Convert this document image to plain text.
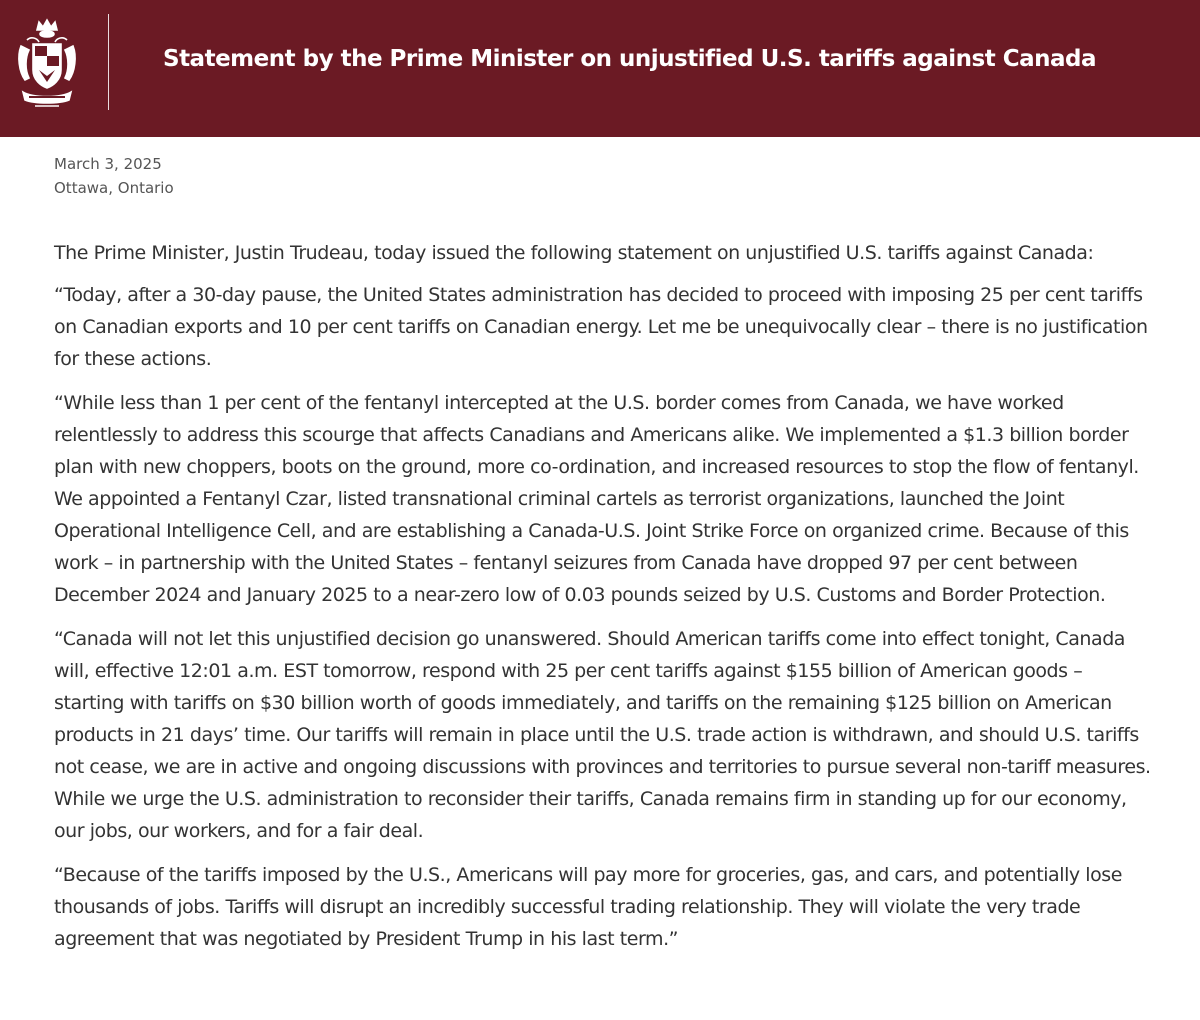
Statement by the Prime Minister on unjustified U.S. tariffs against Canada
March 3, 2025
Ottawa, Ontario

The Prime Minister, Justin Trudeau, today issued the following statement on unjustified U.S. tariffs against Canada:

“Today, after a 30-day pause, the United States administration has decided to proceed with imposing 25 per cent tariffs on Canadian exports and 10 per cent tariffs on Canadian energy. Let me be unequivocally clear – there is no justification for these actions.

“While less than 1 per cent of the fentanyl intercepted at the U.S. border comes from Canada, we have worked relentlessly to address this scourge that affects Canadians and Americans alike. We implemented a $1.3 billion border plan with new choppers, boots on the ground, more co-ordination, and increased resources to stop the flow of fentanyl. We appointed a Fentanyl Czar, listed transnational criminal cartels as terrorist organizations, launched the Joint Operational Intelligence Cell, and are establishing a Canada-U.S. Joint Strike Force on organized crime. Because of this work – in partnership with the United States – fentanyl seizures from Canada have dropped 97 per cent between December 2024 and January 2025 to a near-zero low of 0.03 pounds seized by U.S. Customs and Border Protection.

“Canada will not let this unjustified decision go unanswered. Should American tariffs come into effect tonight, Canada will, effective 12:01 a.m. EST tomorrow, respond with 25 per cent tariffs against $155 billion of American goods – starting with tariffs on $30 billion worth of goods immediately, and tariffs on the remaining $125 billion on American products in 21 days’ time. Our tariffs will remain in place until the U.S. trade action is withdrawn, and should U.S. tariffs not cease, we are in active and ongoing discussions with provinces and territories to pursue several non-tariff measures. While we urge the U.S. administration to reconsider their tariffs, Canada remains firm in standing up for our economy, our jobs, our workers, and for a fair deal.

“Because of the tariffs imposed by the U.S., Americans will pay more for groceries, gas, and cars, and potentially lose thousands of jobs. Tariffs will disrupt an incredibly successful trading relationship. They will violate the very trade agreement that was negotiated by President Trump in his last term.”
